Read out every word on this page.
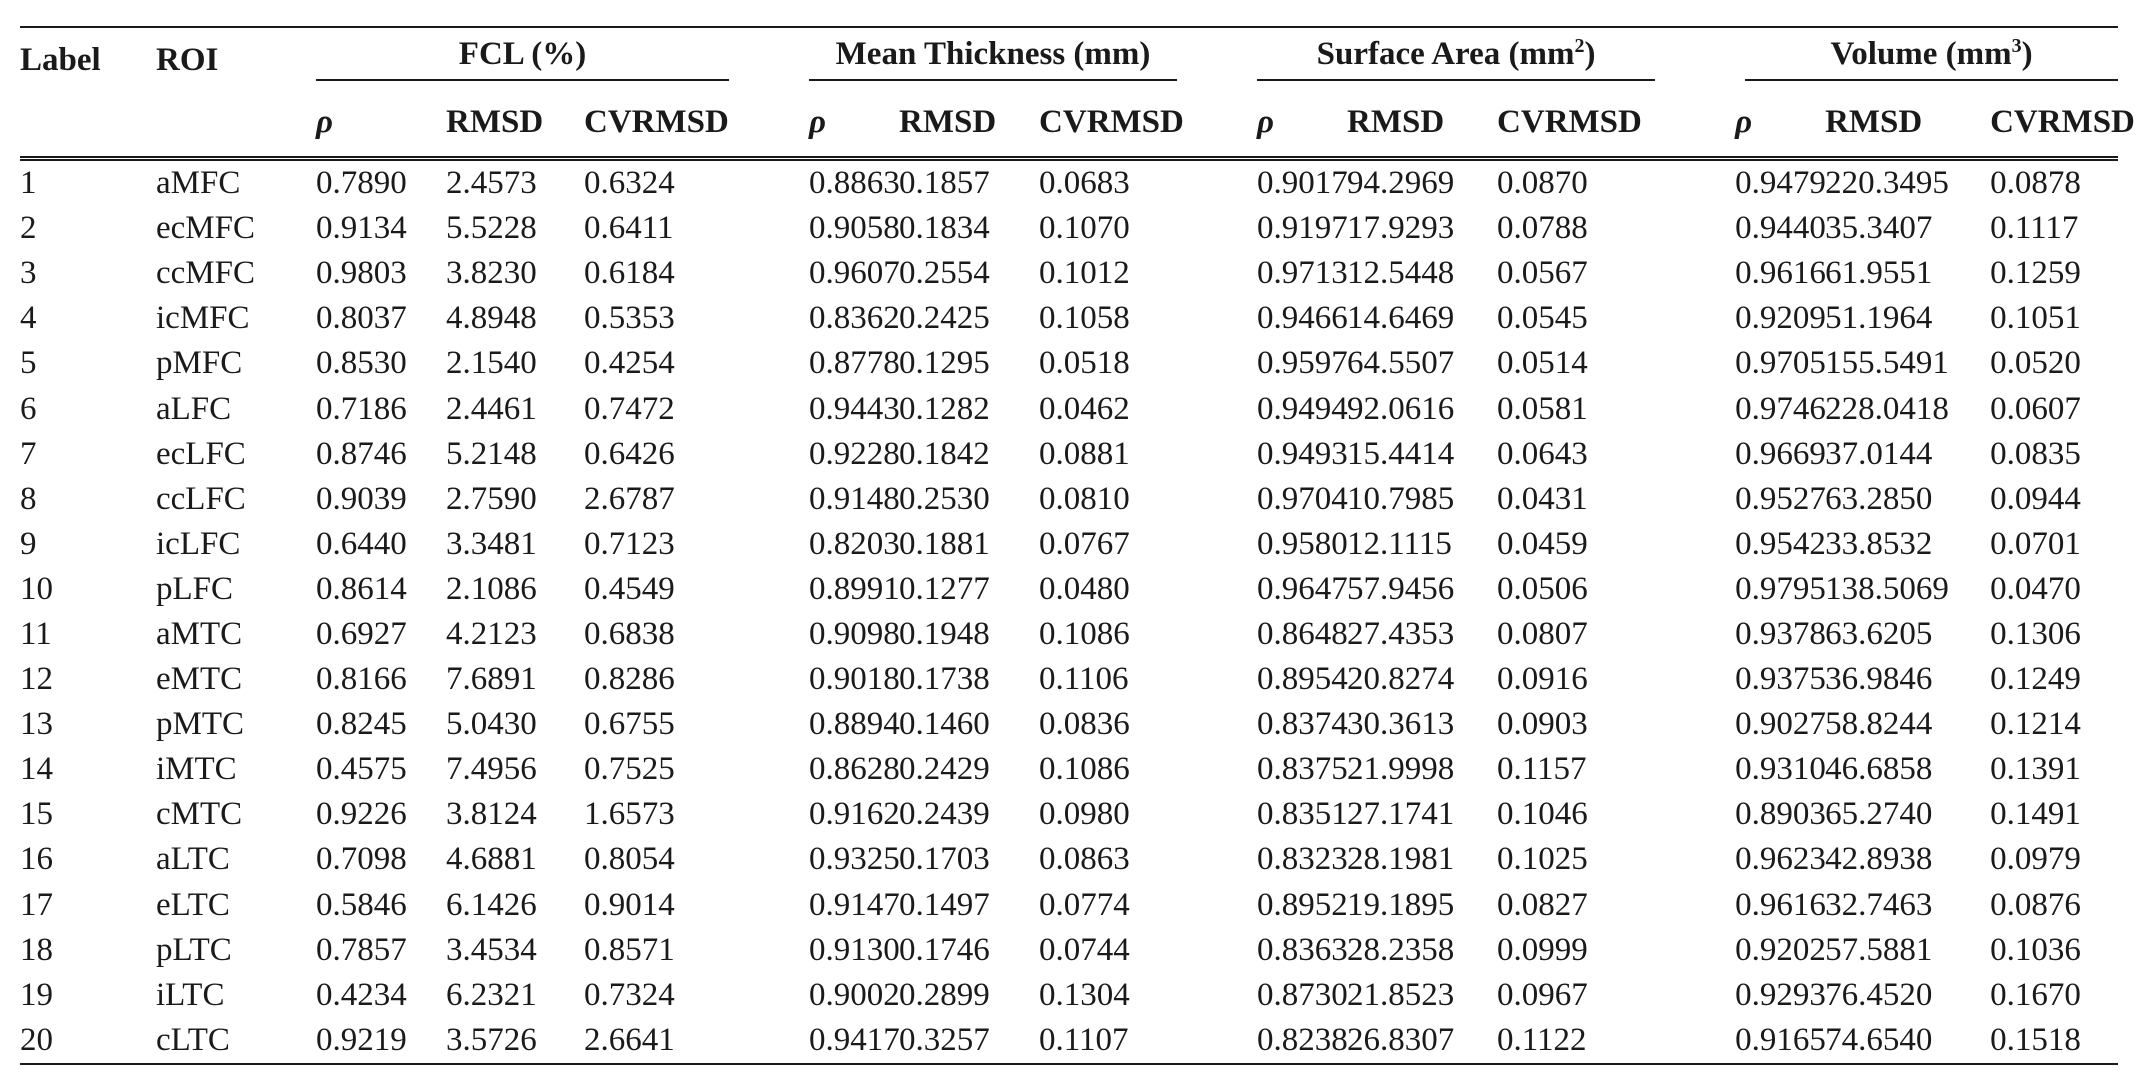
Label	ROI	FCL (%)			Mean Thickness (mm)			Surface Area $(mm^2)$			Volume $(mm^3)$		

		ρ	RMSD	CVRMSD	ρ	RMSD	CVRMSD	ρ	RMSD	CVRMSD	ρ	RMSD	CVRMSD
1	aMFC	0.7890	2.4573	0.6324	0.8863	0.1857	0.0683	0.9017	94.2969	0.0870	0.9479	220.3495	0.0878
2	ecMFC	0.9134	5.5228	0.6411	0.9058	0.1834	0.1070	0.9197	17.9293	0.0788	0.9440	35.3407	0.1117
3	ccMFC	0.9803	3.8230	0.6184	0.9607	0.2554	0.1012	0.9713	12.5448	0.0567	0.9616	61.9551	0.1259
4	icMFC	0.8037	4.8948	0.5353	0.8362	0.2425	0.1058	0.9466	14.6469	0.0545	0.9209	51.1964	0.1051
5	pMFC	0.8530	2.1540	0.4254	0.8778	0.1295	0.0518	0.9597	64.5507	0.0514	0.9705	155.5491	0.0520
6	aLFC	0.7186	2.4461	0.7472	0.9443	0.1282	0.0462	0.9494	92.0616	0.0581	0.9746	228.0418	0.0607
7	ecLFC	0.8746	5.2148	0.6426	0.9228	0.1842	0.0881	0.9493	15.4414	0.0643	0.9669	37.0144	0.0835
8	ccLFC	0.9039	2.7590	2.6787	0.9148	0.2530	0.0810	0.9704	10.7985	0.0431	0.9527	63.2850	0.0944
9	icLFC	0.6440	3.3481	0.7123	0.8203	0.1881	0.0767	0.9580	12.1115	0.0459	0.9542	33.8532	0.0701
10	pLFC	0.8614	2.1086	0.4549	0.8991	0.1277	0.0480	0.9647	57.9456	0.0506	0.9795	138.5069	0.0470
11	aMTC	0.6927	4.2123	0.6838	0.9098	0.1948	0.1086	0.8648	27.4353	0.0807	0.9378	63.6205	0.1306
12	eMTC	0.8166	7.6891	0.8286	0.9018	0.1738	0.1106	0.8954	20.8274	0.0916	0.9375	36.9846	0.1249
13	pMTC	0.8245	5.0430	0.6755	0.8894	0.1460	0.0836	0.8374	30.3613	0.0903	0.9027	58.8244	0.1214
14	iMTC	0.4575	7.4956	0.7525	0.8628	0.2429	0.1086	0.8375	21.9998	0.1157	0.9310	46.6858	0.1391
15	cMTC	0.9226	3.8124	1.6573	0.9162	0.2439	0.0980	0.8351	27.1741	0.1046	0.8903	65.2740	0.1491
16	aLTC	0.7098	4.6881	0.8054	0.9325	0.1703	0.0863	0.8323	28.1981	0.1025	0.9623	42.8938	0.0979
17	eLTC	0.5846	6.1426	0.9014	0.9147	0.1497	0.0774	0.8952	19.1895	0.0827	0.9616	32.7463	0.0876
18	pLTC	0.7857	3.4534	0.8571	0.9130	0.1746	0.0744	0.8363	28.2358	0.0999	0.9202	57.5881	0.1036
19	iLTC	0.4234	6.2321	0.7324	0.9002	0.2899	0.1304	0.8730	21.8523	0.0967	0.9293	76.4520	0.1670
20	cLTC	0.9219	3.5726	2.6641	0.9417	0.3257	0.1107	0.8238	26.8307	0.1122	0.9165	74.6540	0.1518
